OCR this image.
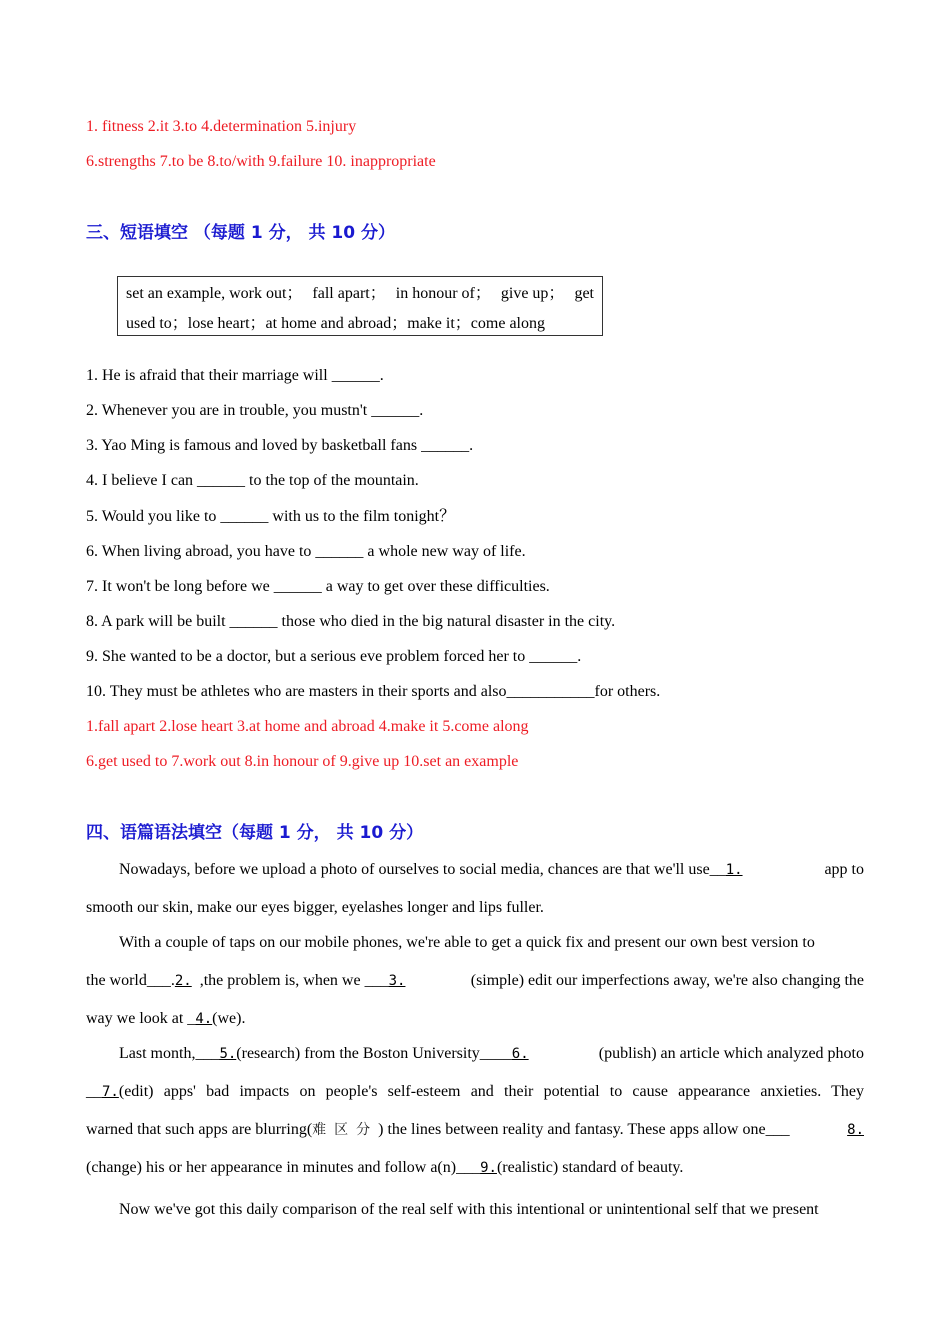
1. fitness 2.it 3.to 4.determination 5.injury
6.strengths 7.to be 8.to/with 9.failure 10. inappropriate
三、短语填空 （每题 1 分， 共 10 分）
set an example, work out； fall apart； in honour of； give up； get
used to；lose heart；at home and abroad；make it；come along
1. He is afraid that their marriage will ______.
2. Whenever you are in trouble, you mustn't ______.
3. Yao Ming is famous and loved by basketball fans ______.
4. I believe I can ______ to the top of the mountain.
5. Would you like to ______ with us to the film tonight？
6. When living abroad, you have to ______ a whole new way of life.
7. It won't be long before we ______ a way to get over these difficulties.
8. A park will be built ______ those who died in the big natural disaster in the city.
9. She wanted to be a doctor, but a serious eve problem forced her to ______.
10. They must be athletes who are masters in their sports and also___________for others.
1.fall apart 2.lose heart 3.at home and abroad 4.make it 5.come along
6.get used to 7.work out 8.in honour of 9.give up 10.set an example
四、语篇语法填空（每题 1 分， 共 10 分）
Nowadays, before we upload a photo of ourselves to social media, chances are that we'll use__1.	app to
smooth our skin, make our eyes bigger, eyelashes longer and lips fuller.
With a couple of taps on our mobile phones, we're able to get a quick fix and present our own best version to
the world___.2. ,the problem is, when we ___3.	(simple) edit our imperfections away, we're also changing the
way we look at _4.(we).
Last month,___5.(research) from the Boston University____6.	(publish) an article which analyzed photo
__7. (edit) apps' bad impacts on people's self-esteem and their potential to cause appearance anxieties. They
warned that such apps are blurring(难区分) the lines between reality and fantasy. These apps allow one___	8.
(change) his or her appearance in minutes and follow a(n)___9.(realistic) standard of beauty.
Now we've got this daily comparison of the real self with this intentional or unintentional self that we present
